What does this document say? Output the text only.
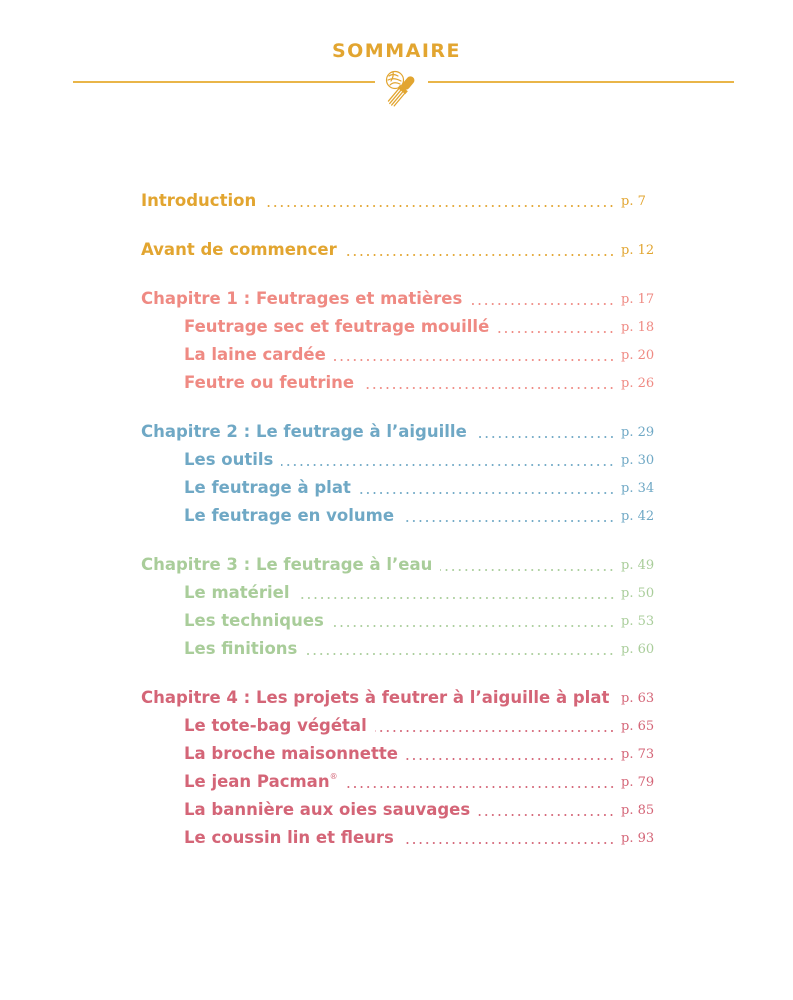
SOMMAIRE
Introduction	p. 7
Avant de commencer	p. 12
Chapitre 1 : Feutrages et matières	p. 17
Feutrage sec et feutrage mouillé	p. 18
La laine cardée	p. 20
Feutre ou feutrine	p. 26
Chapitre 2 : Le feutrage à l’aiguille	p. 29
Les outils	p. 30
Le feutrage à plat	p. 34
Le feutrage en volume	p. 42
Chapitre 3 : Le feutrage à l’eau	p. 49
Le matériel	p. 50
Les techniques	p. 53
Les finitions	p. 60
Chapitre 4 : Les projets à feutrer à l’aiguille à plat p. 63
Le tote-bag végétal	p. 65
La broche maisonnette	p. 73
Le jean Pacman®	p. 79
La bannière aux oies sauvages	p. 85
Le coussin lin et fleurs	p. 93
